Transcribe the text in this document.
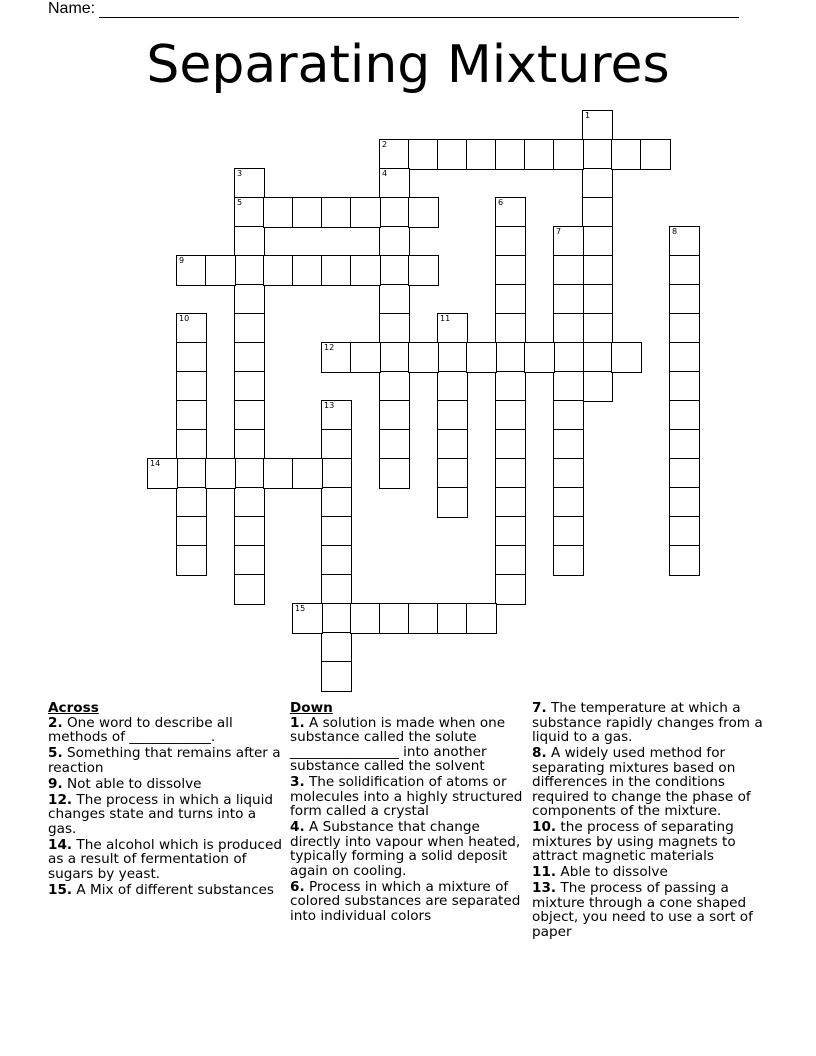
Name:
Separating Mixtures
1
2
3
5
4
6
7	8
9
10	11
12
13
14
15
Across
2. One word to describe all methods of ____________.
5. Something that remains after a reaction
9. Not able to dissolve
12. The process in which a liquid changes state and turns into a gas.
14. The alcohol which is produced as a result of fermentation of sugars by yeast.
15. A Mix of different substances
Down
1. A solution is made when one substance called the solute ________________ into another substance called the solvent
3. The solidification of atoms or molecules into a highly structured form called a crystal
4. A Substance that change directly into vapour when heated, typically forming a solid deposit again on cooling.
6. Process in which a mixture of colored substances are separated into individual colors
7. The temperature at which a substance rapidly changes from a liquid to a gas.
8. A widely used method for separating mixtures based on differences in the conditions required to change the phase of components of the mixture.
10. the process of separating mixtures by using magnets to attract magnetic materials
11. Able to dissolve
13. The process of passing a mixture through a cone shaped object, you need to use a sort of paper
